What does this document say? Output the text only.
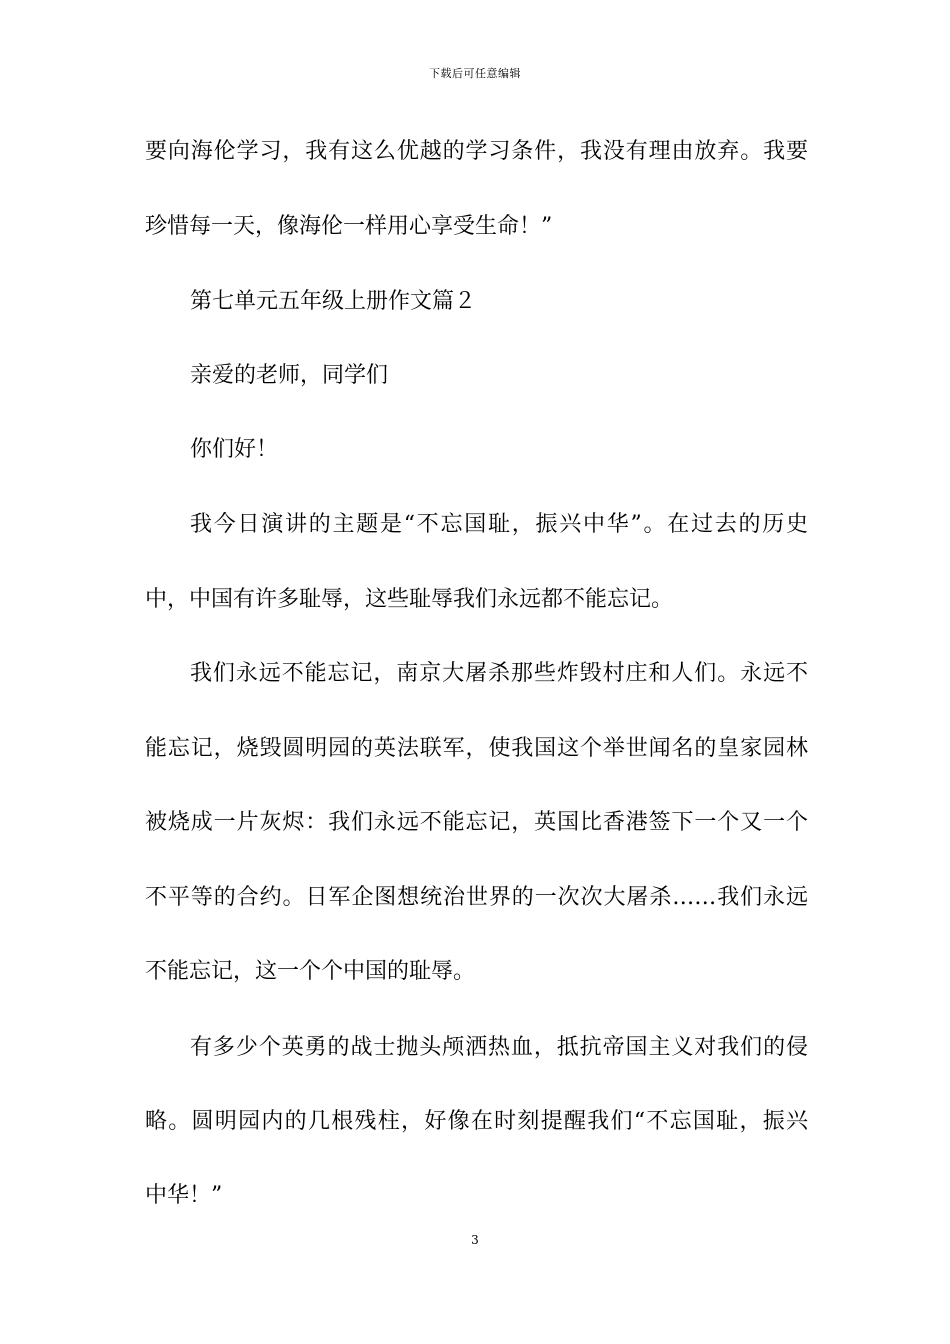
下载后可任意编辑
要向海伦学习，我有这么优越的学习条件，我没有理由放弃。我要
珍惜每一天，像海伦一样用心享受生命！”
第七单元五年级上册作文篇２
亲爱的老师，同学们
你们好！
我今日演讲的主题是“不忘国耻，振兴中华”。在过去的历史
中，中国有许多耻辱，这些耻辱我们永远都不能忘记。
我们永远不能忘记，南京大屠杀那些炸毁村庄和人们。永远不
能忘记，烧毁圆明园的英法联军，使我国这个举世闻名的皇家园林
被烧成一片灰烬：我们永远不能忘记，英国比香港签下一个又一个
不平等的合约。日军企图想统治世界的一次次大屠杀……我们永远
不能忘记，这一个个中国的耻辱。
有多少个英勇的战士抛头颅洒热血，抵抗帝国主义对我们的侵
略。圆明园内的几根残柱，好像在时刻提醒我们“不忘国耻，振兴
中华！”
3
